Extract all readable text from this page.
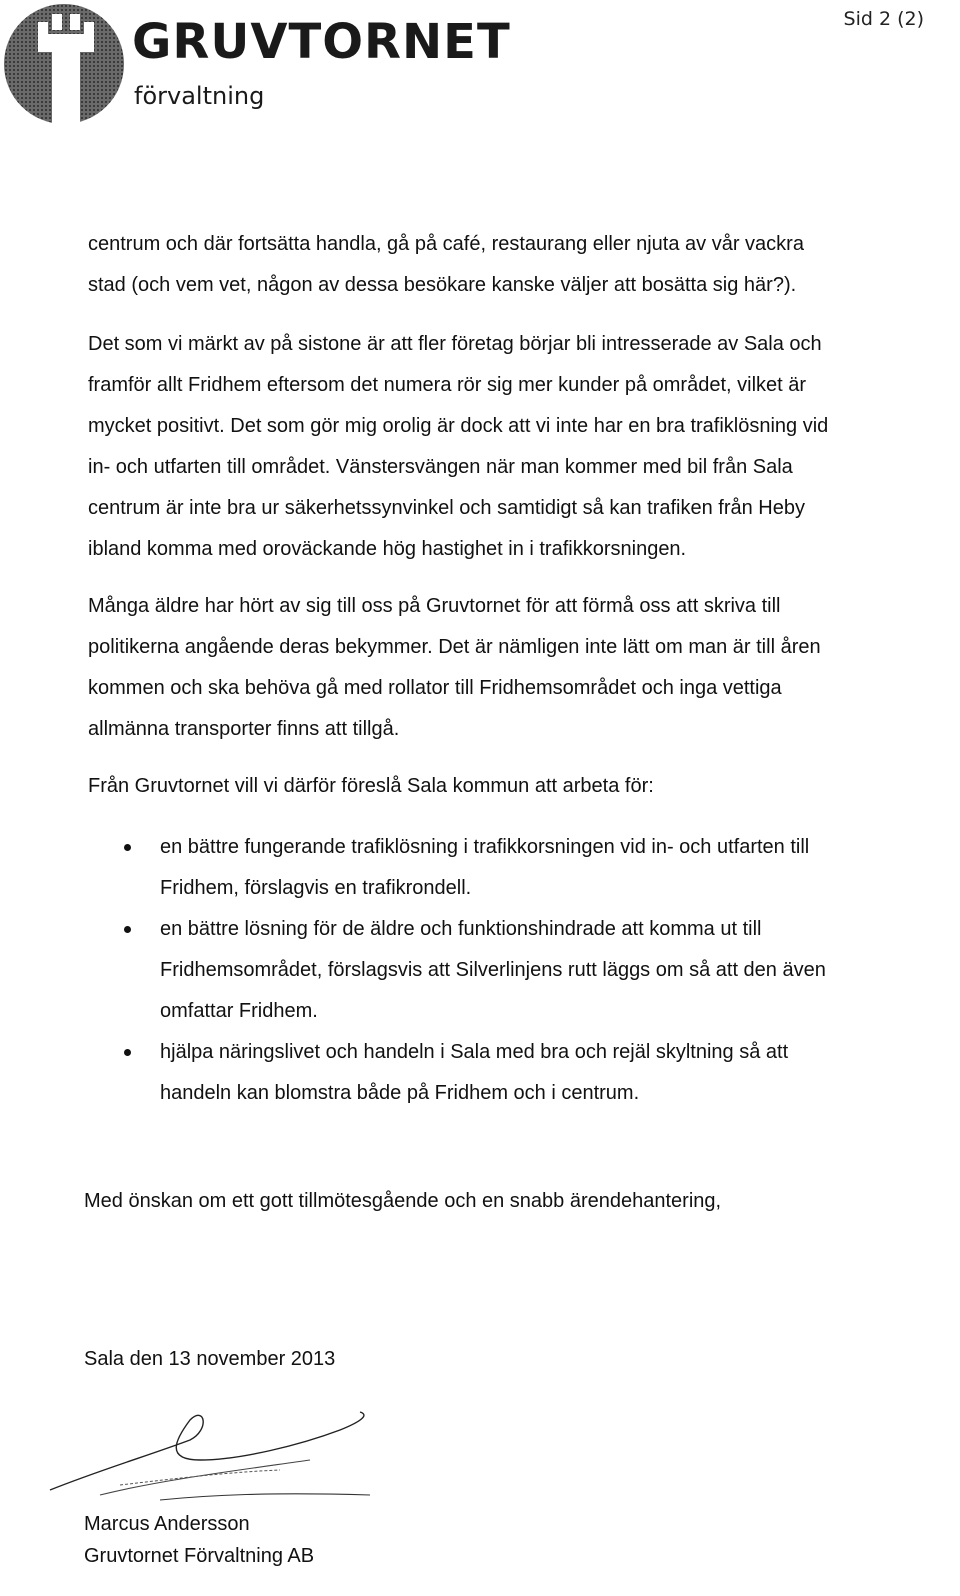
GRUVTORNET
förvaltning
Sid 2 (2)

centrum och där fortsätta handla, gå på café, restaurang eller njuta av vår vackra
stad (och vem vet, någon av dessa besökare kanske väljer att bosätta sig här?).

Det som vi märkt av på sistone är att fler företag börjar bli intresserade av Sala och
framför allt Fridhem eftersom det numera rör sig mer kunder på området, vilket är
mycket positivt. Det som gör mig orolig är dock att vi inte har en bra trafiklösning vid
in- och utfarten till området. Vänstersvängen när man kommer med bil från Sala
centrum är inte bra ur säkerhetssynvinkel och samtidigt så kan trafiken från Heby
ibland komma med oroväckande hög hastighet in i trafikkorsningen.

Många äldre har hört av sig till oss på Gruvtornet för att förmå oss att skriva till
politikerna angående deras bekymmer. Det är nämligen inte lätt om man är till åren
kommen och ska behöva gå med rollator till Fridhemsområdet och inga vettiga
allmänna transporter finns att tillgå.

Från Gruvtornet vill vi därför föreslå Sala kommun att arbeta för:

en bättre fungerande trafiklösning i trafikkorsningen vid in- och utfarten till
Fridhem, förslagvis en trafikrondell.
en bättre lösning för de äldre och funktionshindrade att komma ut till
Fridhemsområdet, förslagsvis att Silverlinjens rutt läggs om så att den även
omfattar Fridhem.
hjälpa näringslivet och handeln i Sala med bra och rejäl skyltning så att
handeln kan blomstra både på Fridhem och i centrum.
Med önskan om ett gott tillmötesgående och en snabb ärendehantering,
Sala den 13 november 2013
Marcus Andersson
Gruvtornet Förvaltning AB
